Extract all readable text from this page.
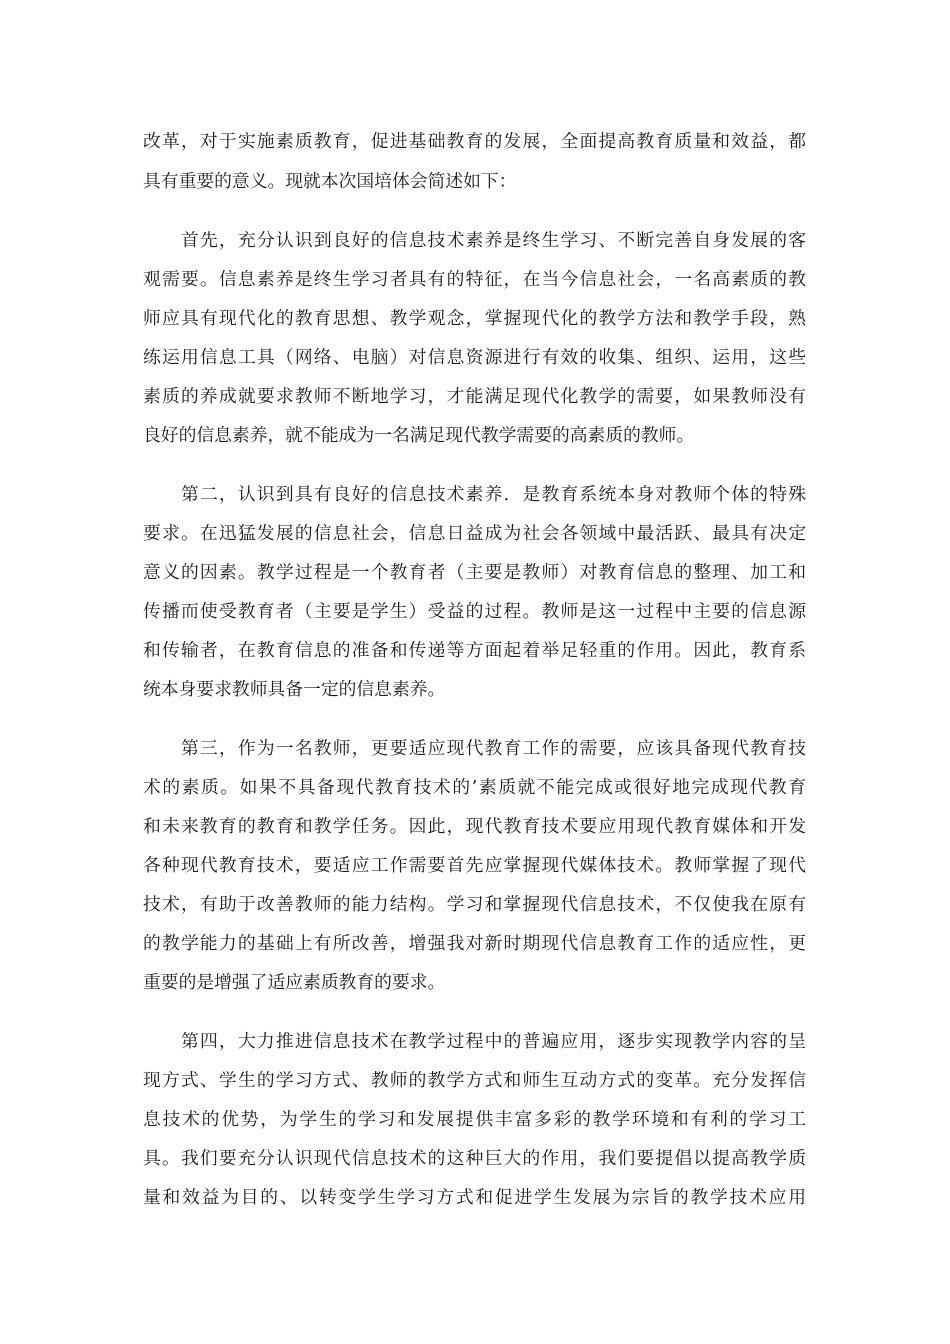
改革，对于实施素质教育，促进基础教育的发展，全面提高教育质量和效益，都
具有重要的意义。现就本次国培体会简述如下：
首先，充分认识到良好的信息技术素养是终生学习、不断完善自身发展的客
观需要。信息素养是终生学习者具有的特征，在当今信息社会，一名高素质的教
师应具有现代化的教育思想、教学观念，掌握现代化的教学方法和教学手段，熟
练运用信息工具（网络、电脑）对信息资源进行有效的收集、组织、运用，这些
素质的养成就要求教师不断地学习，才能满足现代化教学的需要，如果教师没有
良好的信息素养，就不能成为一名满足现代教学需要的高素质的教师。
第二，认识到具有良好的信息技术素养．是教育系统本身对教师个体的特殊
要求。在迅猛发展的信息社会，信息日益成为社会各领域中最活跃、最具有决定
意义的因素。教学过程是一个教育者（主要是教师）对教育信息的整理、加工和
传播而使受教育者（主要是学生）受益的过程。教师是这一过程中主要的信息源
和传输者，在教育信息的准备和传递等方面起着举足轻重的作用。因此，教育系
统本身要求教师具备一定的信息素养。
第三，作为一名教师，更要适应现代教育工作的需要，应该具备现代教育技
术的素质。如果不具备现代教育技术的’素质就不能完成或很好地完成现代教育
和未来教育的教育和教学任务。因此，现代教育技术要应用现代教育媒体和开发
各种现代教育技术，要适应工作需要首先应掌握现代媒体技术。教师掌握了现代
技术，有助于改善教师的能力结构。学习和掌握现代信息技术，不仅使我在原有
的教学能力的基础上有所改善，增强我对新时期现代信息教育工作的适应性，更
重要的是增强了适应素质教育的要求。
第四，大力推进信息技术在教学过程中的普遍应用，逐步实现教学内容的呈
现方式、学生的学习方式、教师的教学方式和师生互动方式的变革。充分发挥信
息技术的优势，为学生的学习和发展提供丰富多彩的教学环境和有利的学习工
具。我们要充分认识现代信息技术的这种巨大的作用，我们要提倡以提高教学质
量和效益为目的、以转变学生学习方式和促进学生发展为宗旨的教学技术应用
